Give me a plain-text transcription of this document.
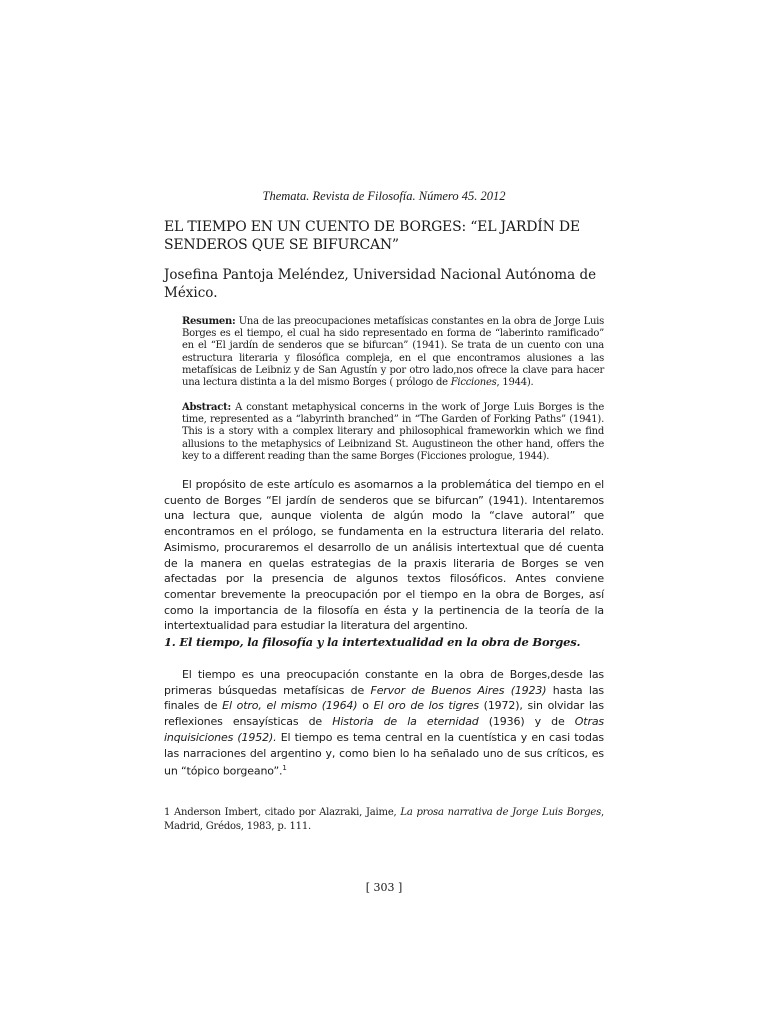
Themata. Revista de Filosofía. Número 45. 2012
EL TIEMPO EN UN CUENTO DE BORGES: “EL JARDÍN DE SENDEROS QUE SE BIFURCAN”
Josefina Pantoja Meléndez, Universidad Nacional Autónoma de México.
Resumen: Una de las preocupaciones metafísicas constantes en la obra de Jorge Luis Borges es el tiempo, el cual ha sido representado en forma de “laberinto ramificado” en el “El jardín de senderos que se bifurcan” (1941). Se trata de un cuento con una estructura literaria y filosófica compleja, en el que encontramos alusiones a las metafísicas de Leibniz y de San Agustín y por otro lado,nos ofrece la clave para hacer una lectura distinta a la del mismo Borges ( prólogo de Ficciones, 1944).
Abstract: A constant metaphysical concerns in the work of Jorge Luis Borges is the time, represented as a “labyrinth branched” in “The Garden of Forking Paths” (1941). This is a story with a complex literary and philosophical frameworkin which we find allusions to the metaphysics of Leibnizand St. Augustineon the other hand, offers the key to a different reading than the same Borges (Ficciones prologue, 1944).
El propósito de este artículo es asomarnos a la problemática del tiempo en el cuento de Borges “El jardín de senderos que se bifurcan” (1941). Intentaremos una lectura que, aunque violenta de algún modo la “clave autoral” que encontramos en el prólogo, se fundamenta en la estructura literaria del relato. Asimismo, procuraremos el desarrollo de un análisis intertextual que dé cuenta de la manera en quelas estrategias de la praxis literaria de Borges se ven afectadas por la presencia de algunos textos filosóficos. Antes conviene comentar brevemente la preocupación por el tiempo en la obra de Borges, así como la importancia de la filosofía en ésta y la pertinencia de la teoría de la intertextualidad para estudiar la literatura del argentino.
1. El tiempo, la filosofía y la intertextualidad en la obra de Borges.
El tiempo es una preocupación constante en la obra de Borges,desde las primeras búsquedas metafísicas de Fervor de Buenos Aires (1923) hasta las finales de El otro, el mismo (1964) o El oro de los tigres (1972), sin olvidar las reflexiones ensayísticas de Historia de la eternidad (1936) y de Otras inquisiciones (1952). El tiempo es tema central en la cuentística y en casi todas las narraciones del argentino y, como bien lo ha señalado uno de sus críticos, es un “tópico borgeano”.$^1$
1 Anderson Imbert, citado por Alazraki, Jaime, La prosa narrativa de Jorge Luis Borges, Madrid, Grédos, 1983, p. 111.
[ 303 ]
